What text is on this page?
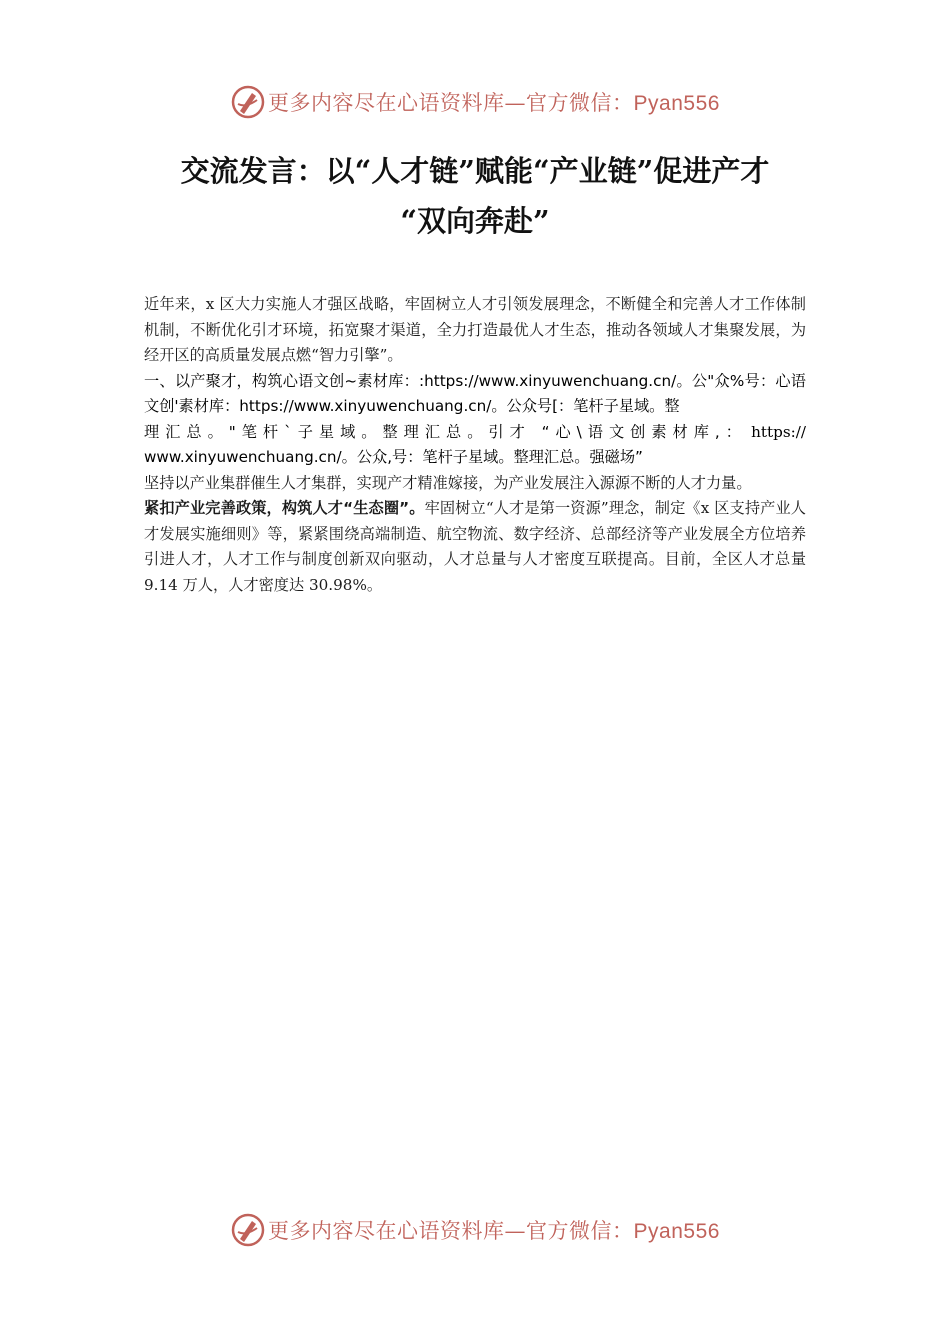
更多内容尽在心语资料库—官方微信：Pyan556
交流发言：以“人才链”赋能“产业链”促进产才
“双向奔赴”

近年来，x 区大力实施人才强区战略，牢固树立人才引领发展理念，不断健全和完善人才工作体制机制，不断优化引才环境，拓宽聚才渠道，全力打造最优人才生态，推动各领域人才集聚发展，为经开区的高质量发展点燃“智力引擎”。

一、以产聚才，构筑心语文创~素材库：:https://www.xinyuwenchuang.cn/。公"众%号：心语文创'素材库：https://www.xinyuwenchuang.cn/。公众号[：笔杆子星域。整
理汇总。"笔杆`子星域。整理汇总。引才 “心\语文创素材库,： https://

www.xinyuwenchuang.cn/。公众,号：笔杆子星域。整理汇总。强磁场”

坚持以产业集群催生人才集群，实现产才精准嫁接，为产业发展注入源源不断的人才力量。

紧扣产业完善政策，构筑人才“生态圈”。牢固树立“人才是第一资源”理念，制定《x 区支持产业人才发展实施细则》等，紧紧围绕高端制造、航空物流、数字经济、总部经济等产业发展全方位培养引进人才，人才工作与制度创新双向驱动，人才总量与人才密度互联提高。目前，全区人才总量 9.14 万人，人才密度达 30.98%。

更多内容尽在心语资料库—官方微信：Pyan556
